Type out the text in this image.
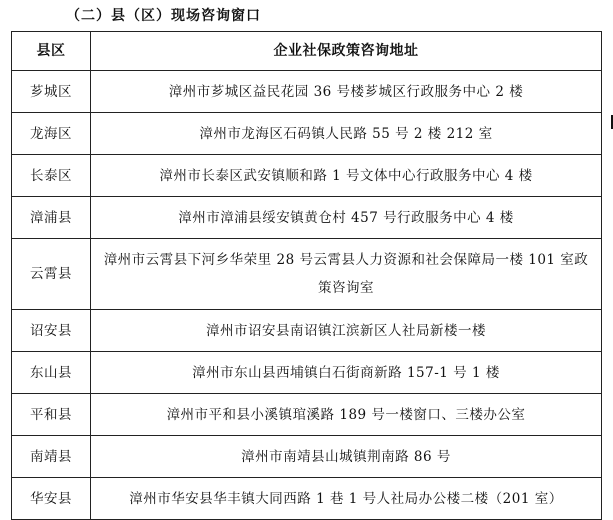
（二）县（区）现场咨询窗口
县区	企业社保政策咨询地址
芗城区	漳州市芗城区益民花园 36 号楼芗城区行政服务中心 2 楼
龙海区	漳州市龙海区石码镇人民路 55 号 2 楼 212 室
长泰区	漳州市长泰区武安镇顺和路 1 号文体中心行政服务中心 4 楼
漳浦县	漳州市漳浦县绥安镇黄仓村 457 号行政服务中心 4 楼
云霄县	漳州市云霄县下河乡华荣里 28 号云霄县人力资源和社会保障局一楼 101 室政策咨询室
诏安县	漳州市诏安县南诏镇江滨新区人社局新楼一楼
东山县	漳州市东山县西埔镇白石街商新路 157-1 号 1 楼
平和县	漳州市平和县小溪镇琯溪路 189 号一楼窗口、三楼办公室
南靖县	漳州市南靖县山城镇荆南路 86 号
华安县	漳州市华安县华丰镇大同西路 1 巷 1 号人社局办公楼二楼（201 室）
